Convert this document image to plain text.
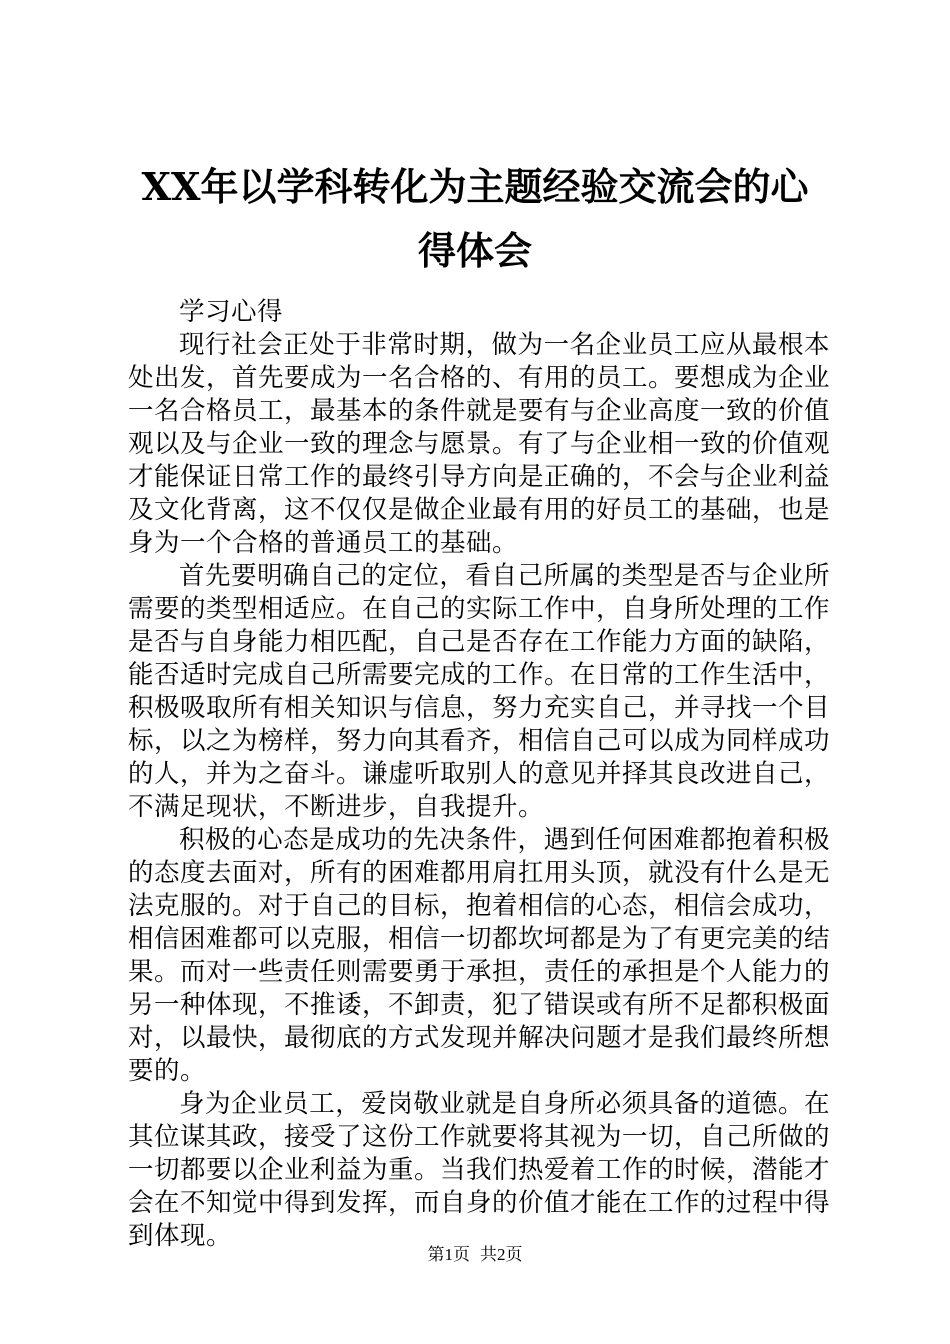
XX年以学科转化为主题经验交流会的心得体会

学习心得

现行社会正处于非常时期，做为一名企业员工应从最根本处出发，首先要成为一名合格的、有用的员工。要想成为企业一名合格员工，最基本的条件就是要有与企业高度一致的价值观以及与企业一致的理念与愿景。有了与企业相一致的价值观才能保证日常工作的最终引导方向是正确的，不会与企业利益及文化背离，这不仅仅是做企业最有用的好员工的基础，也是身为一个合格的普通员工的基础。

首先要明确自己的定位，看自己所属的类型是否与企业所需要的类型相适应。在自己的实际工作中，自身所处理的工作是否与自身能力相匹配，自己是否存在工作能力方面的缺陷，能否适时完成自己所需要完成的工作。在日常的工作生活中，积极吸取所有相关知识与信息，努力充实自己，并寻找一个目标，以之为榜样，努力向其看齐，相信自己可以成为同样成功的人，并为之奋斗。谦虚听取别人的意见并择其良改进自己，不满足现状，不断进步，自我提升。

积极的心态是成功的先决条件，遇到任何困难都抱着积极的态度去面对，所有的困难都用肩扛用头顶，就没有什么是无法克服的。对于自己的目标，抱着相信的心态，相信会成功，相信困难都可以克服，相信一切都坎坷都是为了有更完美的结果。而对一些责任则需要勇于承担，责任的承担是个人能力的另一种体现，不推诿，不卸责，犯了错误或有所不足都积极面对，以最快，最彻底的方式发现并解决问题才是我们最终所想要的。

身为企业员工，爱岗敬业就是自身所必须具备的道德。在其位谋其政，接受了这份工作就要将其视为一切，自己所做的一切都要以企业利益为重。当我们热爱着工作的时候，潜能才会在不知觉中得到发挥，而自身的价值才能在工作的过程中得到体现。

第1页 共2页
